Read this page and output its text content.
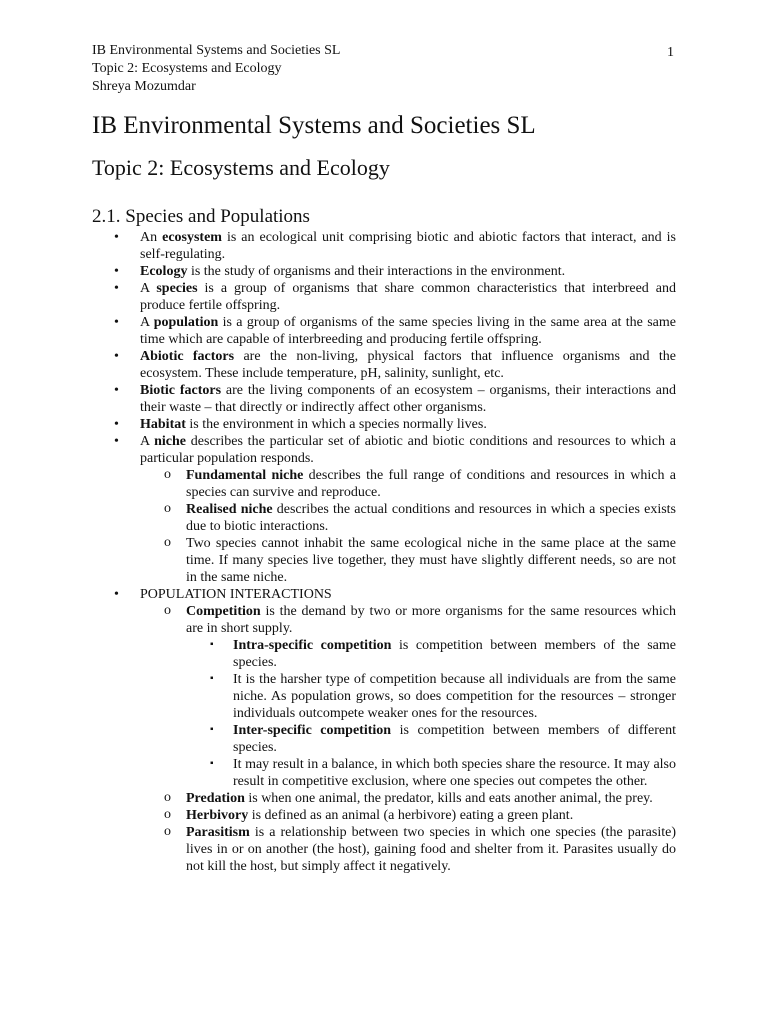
IB Environmental Systems and Societies SL
Topic 2: Ecosystems and Ecology
Shreya Mozumdar
1
IB Environmental Systems and Societies SL
Topic 2: Ecosystems and Ecology
2.1. Species and Populations
• An ecosystem is an ecological unit comprising biotic and abiotic factors that interact, and is self-regulating.
• Ecology is the study of organisms and their interactions in the environment.
• A species is a group of organisms that share common characteristics that interbreed and produce fertile offspring.
• A population is a group of organisms of the same species living in the same area at the same time which are capable of interbreeding and producing fertile offspring.
• Abiotic factors are the non-living, physical factors that influence organisms and the ecosystem. These include temperature, pH, salinity, sunlight, etc.
• Biotic factors are the living components of an ecosystem – organisms, their interactions and their waste – that directly or indirectly affect other organisms.
• Habitat is the environment in which a species normally lives.
• A niche describes the particular set of abiotic and biotic conditions and resources to which a particular population responds.
o Fundamental niche describes the full range of conditions and resources in which a species can survive and reproduce.
o Realised niche describes the actual conditions and resources in which a species exists due to biotic interactions.
o Two species cannot inhabit the same ecological niche in the same place at the same time. If many species live together, they must have slightly different needs, so are not in the same niche.
• POPULATION INTERACTIONS
o Competition is the demand by two or more organisms for the same resources which are in short supply.
▪ Intra-specific competition is competition between members of the same species.
▪ It is the harsher type of competition because all individuals are from the same niche. As population grows, so does competition for the resources – stronger individuals outcompete weaker ones for the resources.
▪ Inter-specific competition is competition between members of different species.
▪ It may result in a balance, in which both species share the resource. It may also result in competitive exclusion, where one species out competes the other.
o Predation is when one animal, the predator, kills and eats another animal, the prey.
o Herbivory is defined as an animal (a herbivore) eating a green plant.
o Parasitism is a relationship between two species in which one species (the parasite) lives in or on another (the host), gaining food and shelter from it. Parasites usually do not kill the host, but simply affect it negatively.
